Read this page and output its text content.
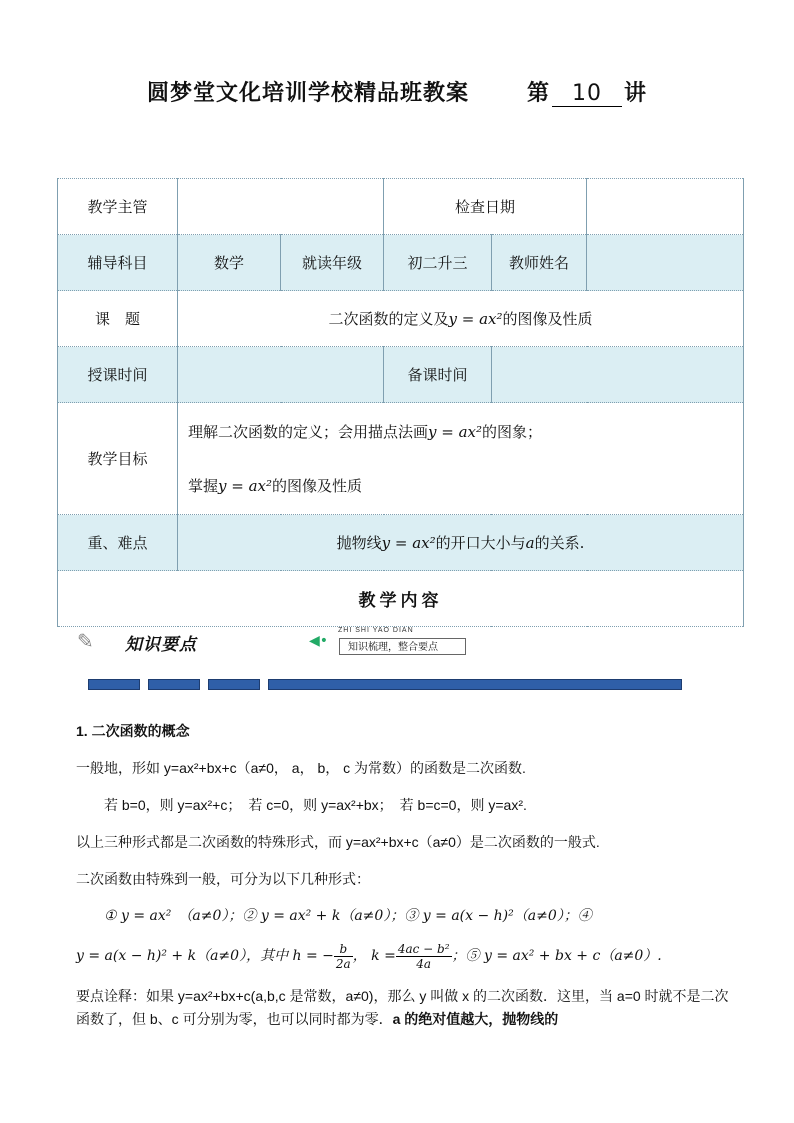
圆梦堂文化培训学校精品班教案	第 10 讲
教学主管			检查日期		
辅导科目	数学	就读年级	初二升三	教师姓名	
课　题	二次函数的定义及y = ax²的图像及性质				
授课时间			备课时间		
教学目标	理解二次函数的定义；会用描点法画y = ax²的图象；
掌握y = ax²的图像及性质				

重、难点	抛物线y = ax²的开口大小与a的关系.				
教学内容					
✎ 知识要点	◀•
ZHI SHI YAO DIAN
知识梳理，整合要点

1. 二次函数的概念

一般地，形如 y=ax²+bx+c（a≠0， a， b， c 为常数）的函数是二次函数.

若 b=0，则 y=ax²+c；　若 c=0，则 y=ax²+bx；　若 b=c=0，则 y=ax².

以上三种形式都是二次函数的特殊形式，而 y=ax²+bx+c（a≠0）是二次函数的一般式.

二次函数由特殊到一般，可分为以下几种形式：

① y = ax²　（a≠0）；② y = ax² + k（a≠0）；③ y = a(x − h)²（a≠0）；④

y = a(x − h)² + k（a≠0），其中 h = − $\frac{b}{2a}$ ， $k = \frac{\text{4ac − b²}}{4a}$ ；⑤ y = ax² + bx + c（a≠0）.

要点诠释：如果 y=ax²+bx+c(a,b,c 是常数，a≠0)，那么 y 叫做 x 的二次函数．这里，当 a=0 时就不是二次函数了，但 b、c 可分别为零，也可以同时都为零．a 的绝对值越大，抛物线的
